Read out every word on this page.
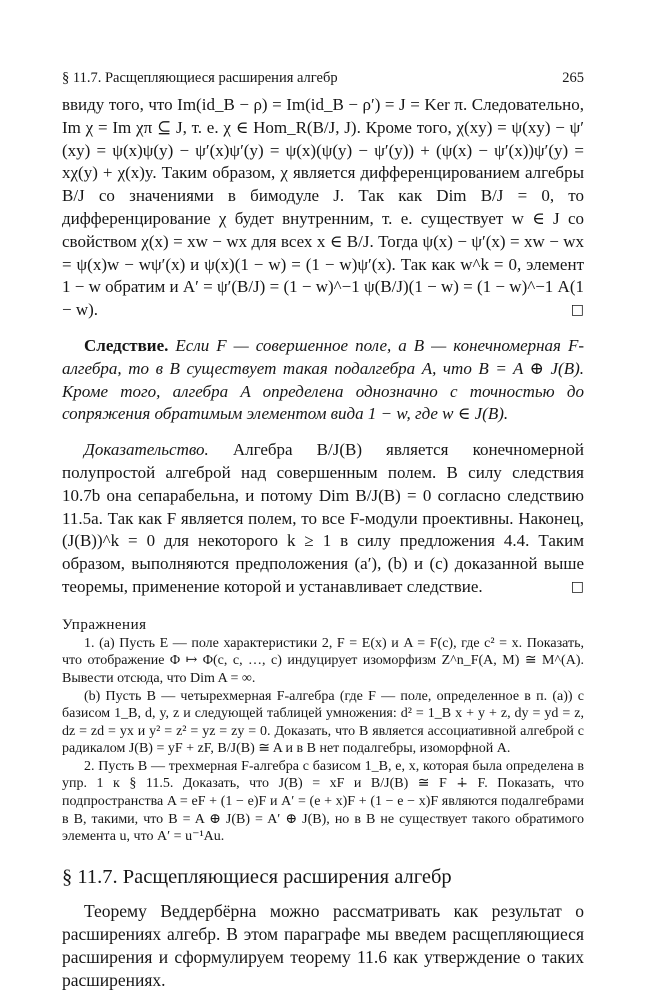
§ 11.7. Расщепляющиеся расширения алгебр	265

ввиду того, что Im(id_B − ρ) = Im(id_B − ρ′) = J = Ker π. Следовательно, Im χ = Im χπ ⊆ J, т. е. χ ∈ Hom_R(B/J, J). Кроме того, χ(xy) = ψ(xy) − ψ′(xy) = ψ(x)ψ(y) − ψ′(x)ψ′(y) = ψ(x)(ψ(y) − ψ′(y)) + (ψ(x) − ψ′(x))ψ′(y) = xχ(y) + χ(x)y. Таким образом, χ является дифференцированием алгебры B/J со значениями в бимодуле J. Так как Dim B/J = 0, то дифференцирование χ будет внутренним, т. е. существует w ∈ J со свойством χ(x) = xw − wx для всех x ∈ B/J. Тогда ψ(x) − ψ′(x) = xw − wx = ψ(x)w − wψ′(x) и ψ(x)(1 − w) = (1 − w)ψ′(x). Так как w^k = 0, элемент 1 − w обратим и A′ = ψ′(B/J) = (1 − w)^−1 ψ(B/J)(1 − w) = (1 − w)^−1 A(1 − w).	□

Следствие. Если F — совершенное поле, а B — конечномерная F-алгебра, то в B существует такая подалгебра A, что B = A ⊕ J(B). Кроме того, алгебра A определена однозначно с точностью до сопряжения обратимым элементом вида 1 − w, где w ∈ J(B).

Доказательство. Алгебра B/J(B) является конечномерной полупростой алгеброй над совершенным полем. В силу следствия 10.7b она сепарабельна, и потому Dim B/J(B) = 0 согласно следствию 11.5a. Так как F является полем, то все F-модули проективны. Наконец, (J(B))^k = 0 для некоторого k ≥ 1 в силу предложения 4.4. Таким образом, выполняются предположения (a′), (b) и (c) доказанной выше теоремы, применение которой и устанавливает следствие.	□

Упражнения

1. (a) Пусть E — поле характеристики 2, F = E(x) и A = F(c), где c² = x. Показать, что отображение Φ ↦ Φ(c, c, …, c) индуцирует изоморфизм Z^n_F(A, M) ≅ M^(A). Вывести отсюда, что Dim A = ∞.

(b) Пусть B — четырехмерная F-алгебра (где F — поле, определенное в п. (a)) с базисом 1_B, d, y, z и следующей таблицей умножения: d² = 1_B x + y + z, dy = yd = z, dz = zd = yx и y² = z² = yz = zy = 0. Доказать, что B является ассоциативной алгеброй с радикалом J(B) = yF + zF, B/J(B) ≅ A и в B нет подалгебры, изоморфной A.

2. Пусть B — трехмерная F-алгебра с базисом 1_B, e, x, которая была определена в упр. 1 к § 11.5. Доказать, что J(B) = xF и B/J(B) ≅ F ∔ F. Показать, что подпространства A = eF + (1 − e)F и A′ = (e + x)F + (1 − e − x)F являются подалгебрами в B, такими, что B = A ⊕ J(B) = A′ ⊕ J(B), но в B не существует такого обратимого элемента u, что A′ = u⁻¹Au.

§ 11.7. Расщепляющиеся расширения алгебр

Теорему Веддербёрна можно рассматривать как результат о расширениях алгебр. В этом параграфе мы введем расщепляющиеся расширения и сформулируем теорему 11.6 как утверждение о таких расширениях.
